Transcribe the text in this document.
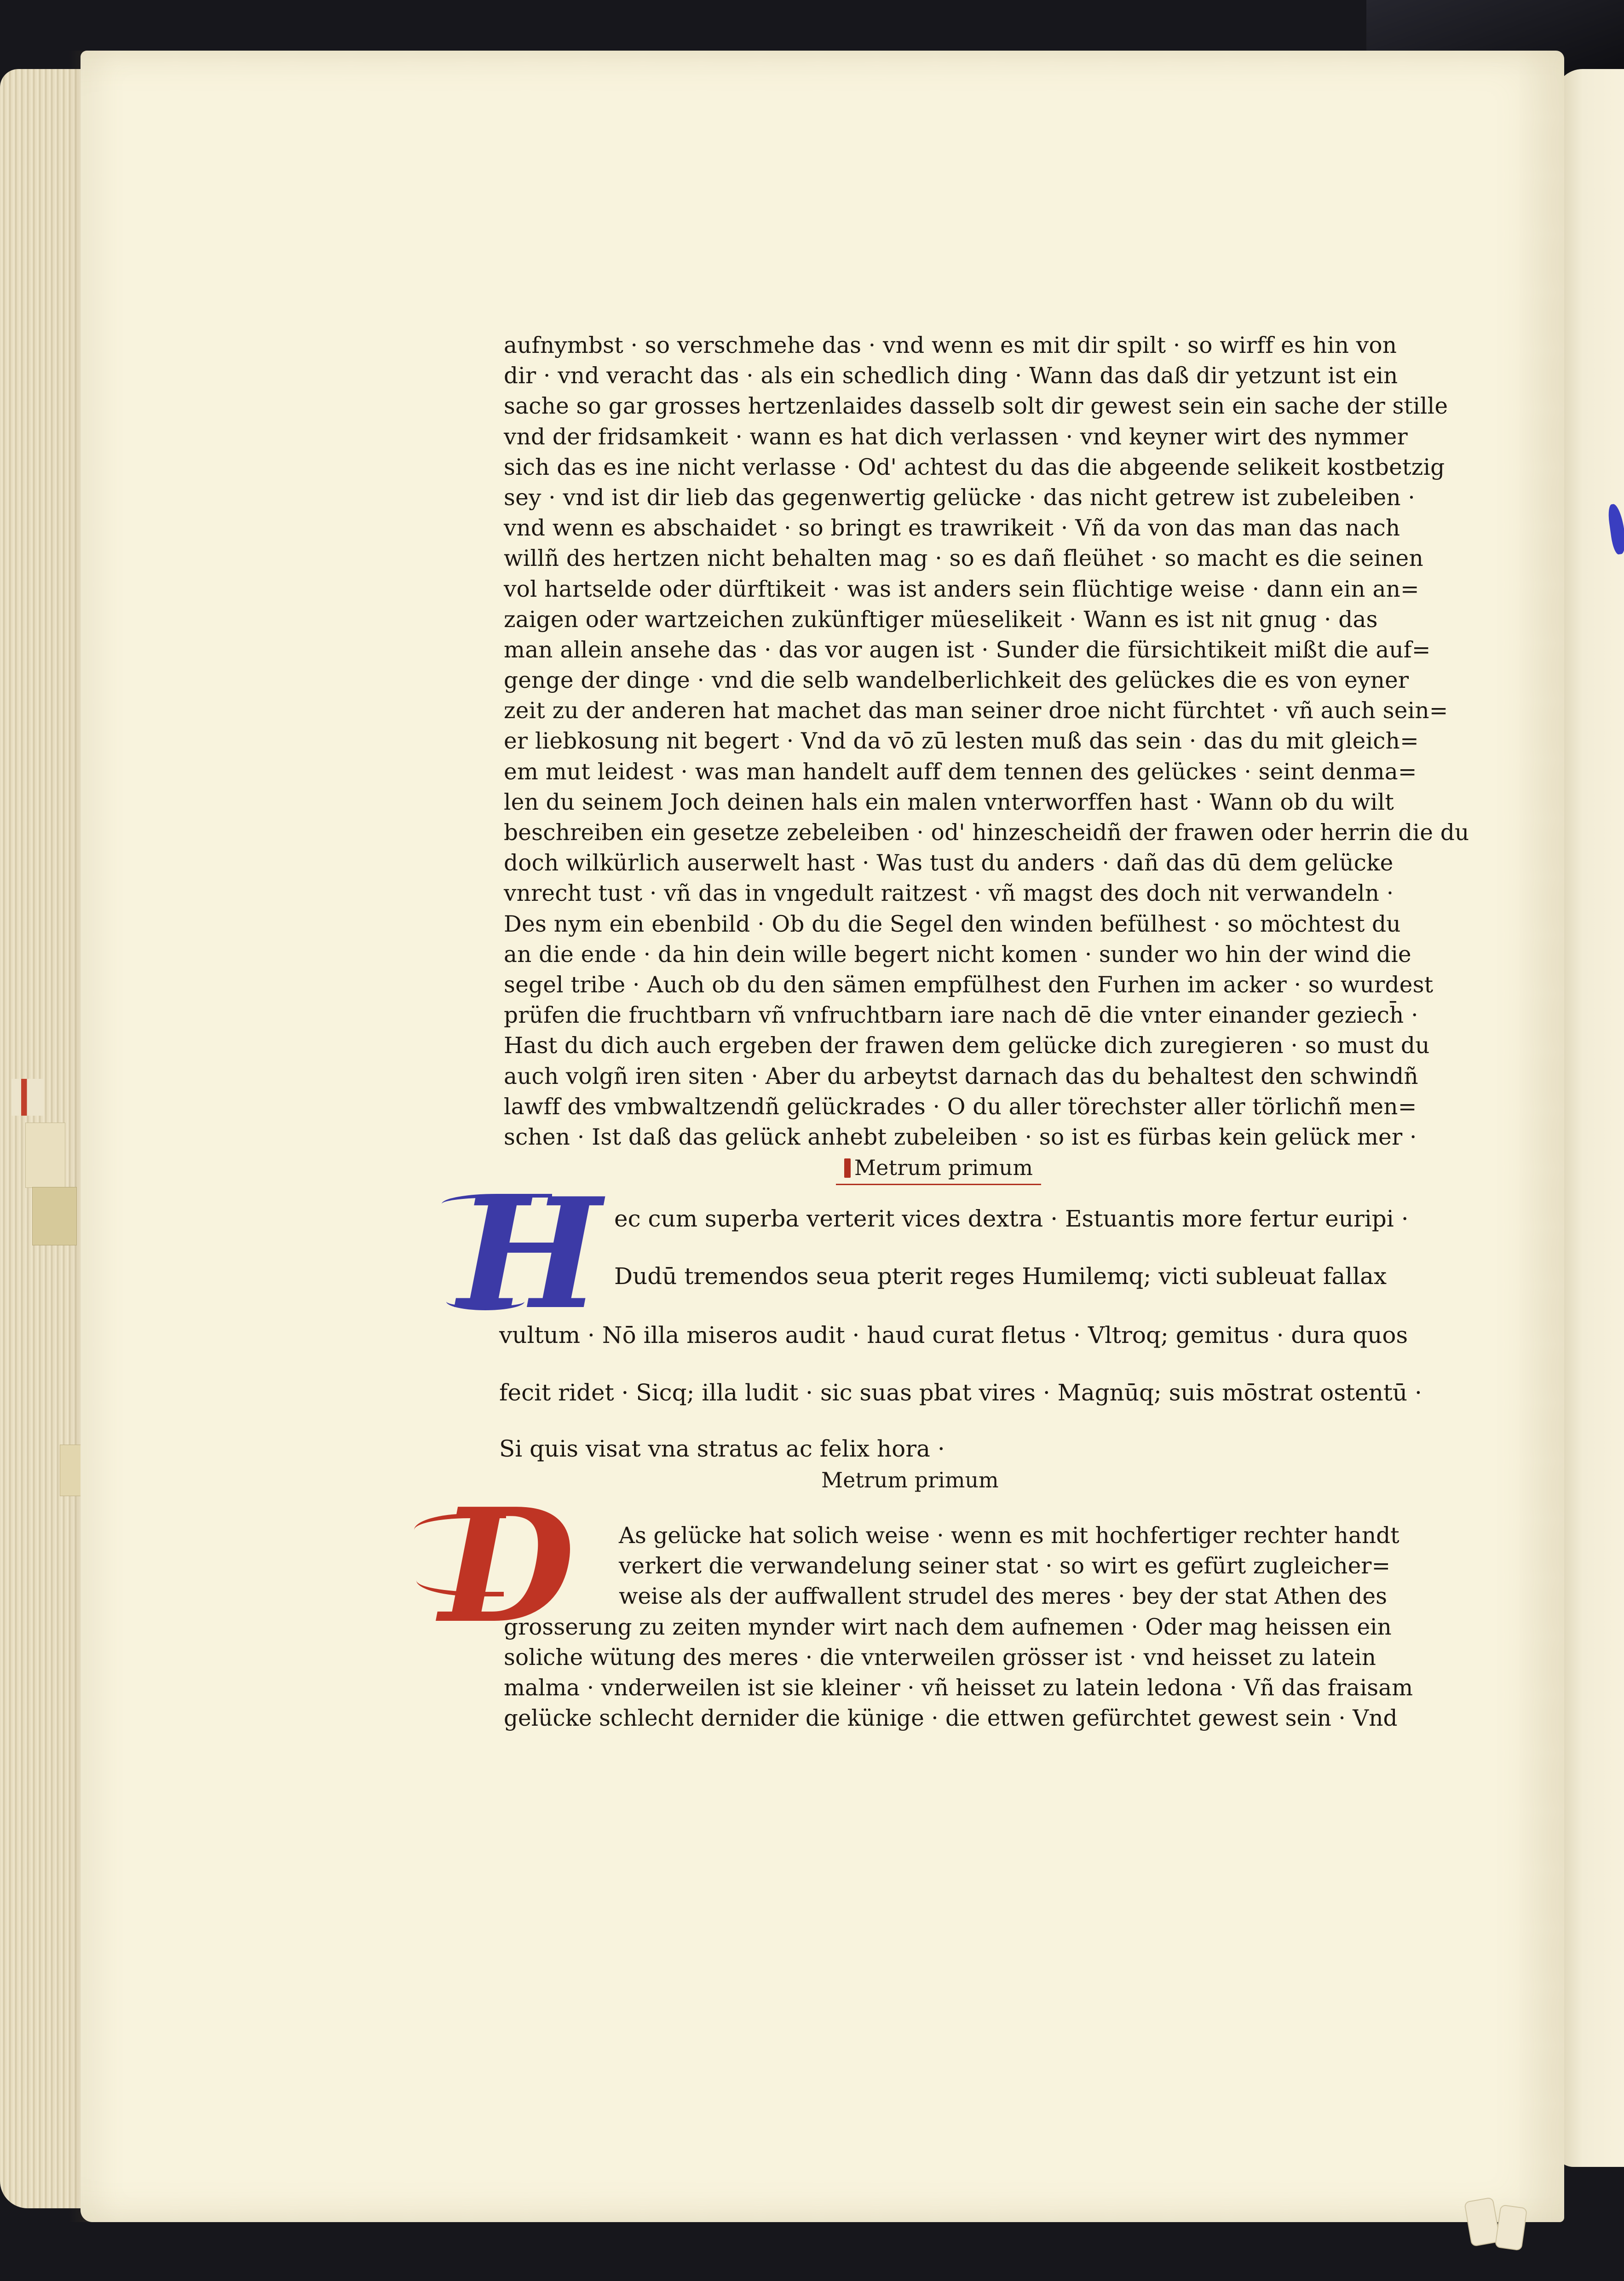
aufnymbst · so verschmehe das · vnd wenn es mit dir spilt · so wirff es hin von
dir · vnd veracht das · als ein schedlich ding · Wann das daß dir yetzunt ist ein
sache so gar grosses hertzenlaides dasselb solt dir gewest sein ein sache der stille
vnd der fridsamkeit · wann es hat dich verlassen · vnd keyner wirt des nymmer
sich das es ine nicht verlasse · Od' achtest du das die abgeende selikeit kostbetzig
sey · vnd ist dir lieb das gegenwertig gelücke · das nicht getrew ist zubeleiben ·
vnd wenn es abschaidet · so bringt es trawrikeit · Vñ da von das man das nach
willñ des hertzen nicht behalten mag · so es dañ fleühet · so macht es die seinen
vol hartselde oder dürftikeit · was ist anders sein flüchtige weise · dann ein an=
zaigen oder wartzeichen zukünftiger müeselikeit · Wann es ist nit gnug · das
man allein ansehe das · das vor augen ist · Sunder die fürsichtikeit mißt die auf=
genge der dinge · vnd die selb wandelberlichkeit des gelückes die es von eyner
zeit zu der anderen hat machet das man seiner droe nicht fürchtet · vñ auch sein=
er liebkosung nit begert · Vnd da vō zū lesten muß das sein · das du mit gleich=
em mut leidest · was man handelt auff dem tennen des gelückes · seint denma=
len du seinem Joch deinen hals ein malen vnterworffen hast · Wann ob du wilt
beschreiben ein gesetze zebeleiben · od' hinzescheidñ der frawen oder herrin die du
doch wilkürlich auserwelt hast · Was tust du anders · dañ das dū dem gelücke
vnrecht tust · vñ das in vngedult raitzest · vñ magst des doch nit verwandeln ·
Des nym ein ebenbild · Ob du die Segel den winden befülhest · so möchtest du
an die ende · da hin dein wille begert nicht komen · sunder wo hin der wind die
segel tribe · Auch ob du den sämen empfülhest den Furhen im acker · so wurdest
prüfen die fruchtbarn vñ vnfruchtbarn iare nach dē die vnter einander geziech̄ ·
Hast du dich auch ergeben der frawen dem gelücke dich zuregieren · so must du
auch volgñ iren siten · Aber du arbeytst darnach das du behaltest den schwindñ
lawff des vmbwaltzendñ gelückrades · O du aller törechster aller törlichñ men=
schen · Ist daß das gelück anhebt zubeleiben · so ist es fürbas kein gelück mer ·
Metrum primum
H ec cum superba verterit vices dextra · Estuantis more fertur euripi ·
Dudū tremendos seua pterit reges Humilemq; victi subleuat fallax
vultum · Nō illa miseros audit · haud curat fletus · Vltroq; gemitus · dura quos
fecit ridet · Sicq; illa ludit · sic suas pbat vires · Magnūq; suis mōstrat ostentū ·
Si quis visat vna stratus ac felix hora ·
Metrum primum
D As gelücke hat solich weise · wenn es mit hochfertiger rechter handt
verkert die verwandelung seiner stat · so wirt es gefürt zugleicher=
weise als der auffwallent strudel des meres · bey der stat Athen des
grosserung zu zeiten mynder wirt nach dem aufnemen · Oder mag heissen ein
soliche wütung des meres · die vnterweilen grösser ist · vnd heisset zu latein
malma · vnderweilen ist sie kleiner · vñ heisset zu latein ledona · Vñ das fraisam
gelücke schlecht dernider die künige · die ettwen gefürchtet gewest sein · Vnd
